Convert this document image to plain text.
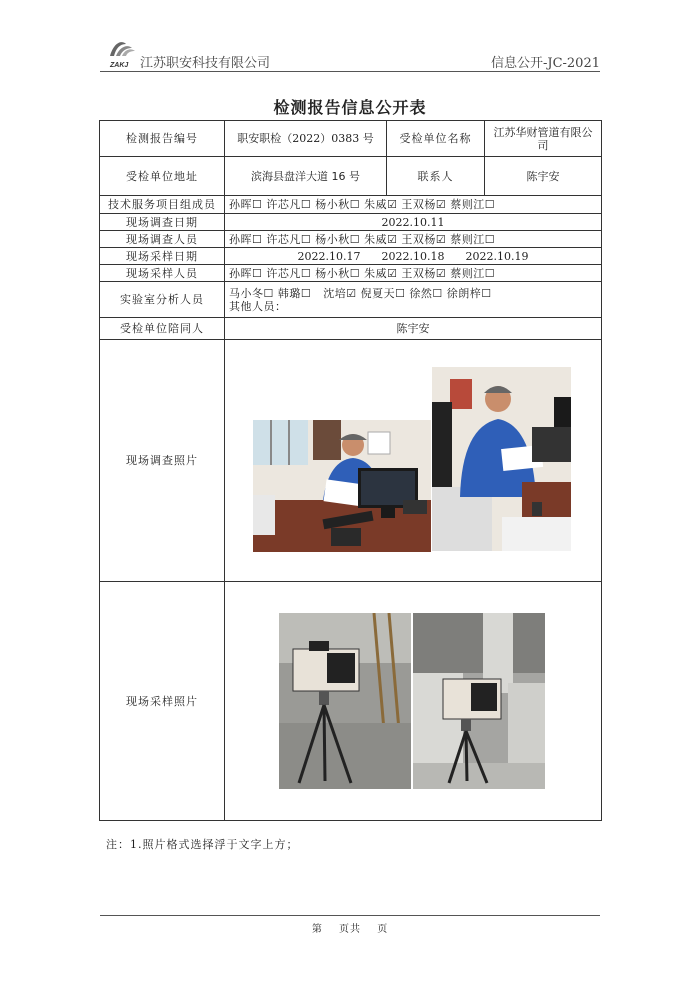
ZAKJ 江苏职安科技有限公司	信息公开-JC-2021
检测报告信息公开表
检测报告编号	职安职检（2022）0383 号	受检单位名称	江苏华财管道有限公司
受检单位地址	滨海县盘洋大道 16 号	联系人	陈宇安
技术服务项目组成员	孙晖☐ 许芯凡☐ 杨小秋☐ 朱威☑ 王双杨☑ 蔡则江☐		
现场调查日期	2022.10.11		
现场调查人员	孙晖☐ 许芯凡☐ 杨小秋☐ 朱威☑ 王双杨☑ 蔡则江☐		
现场采样日期	2022.10.17      2022.10.18      2022.10.19		
现场采样人员	孙晖☐ 许芯凡☐ 杨小秋☐ 朱威☑ 王双杨☑ 蔡则江☐		
实验室分析人员	马小冬☐ 韩璐☐   沈培☑ 倪夏天☐ 徐然☐ 徐朗梓☐
其他人员：		

受检单位陪同人	陈宇安		
现场调查照片	

现场采样照片	
注：1.照片格式选择浮于文字上方；
第 页共 页
